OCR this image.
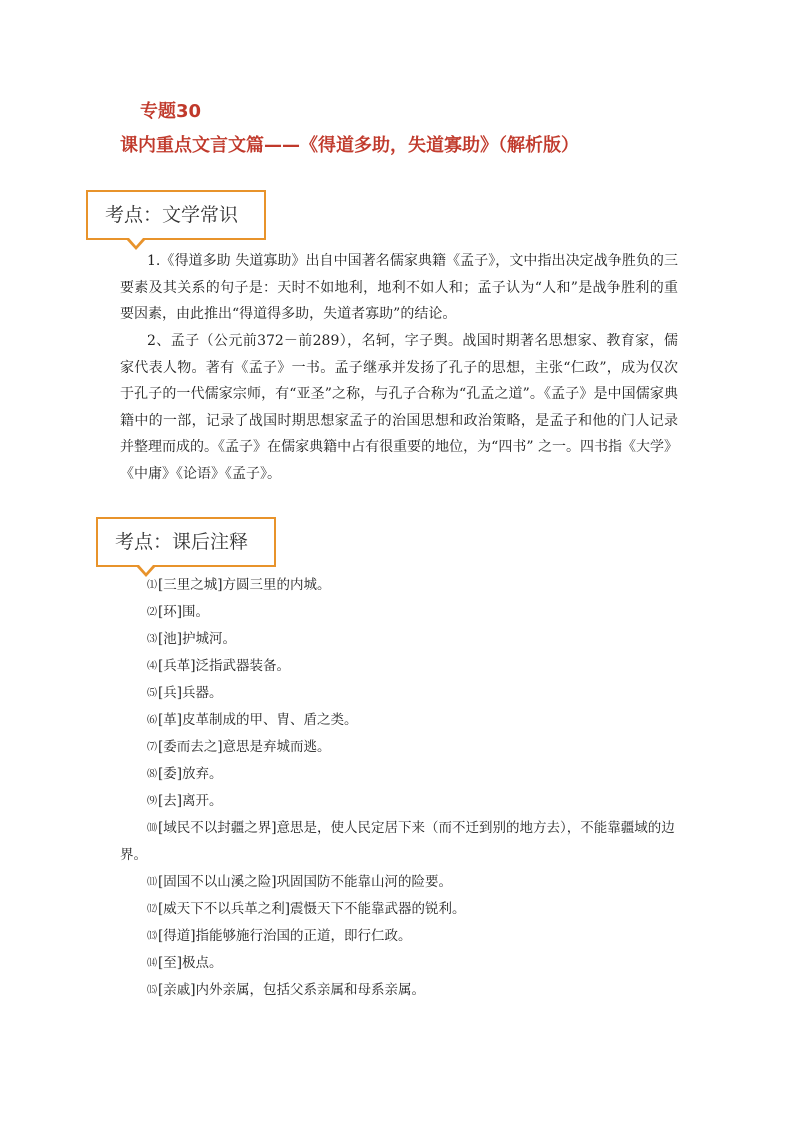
专题30课内重点文言文篇——《得道多助，失道寡助》（解析版）
考点：文学常识
1.《得道多助 失道寡助》出自中国著名儒家典籍《孟子》，文中指出决定战争胜负的三要素及其关系的句子是：天时不如地利，地利不如人和；孟子认为“人和”是战争胜利的重要因素，由此推出“得道得多助，失道者寡助”的结论。
2、孟子（公元前372－前289），名轲，字子舆。战国时期著名思想家、教育家，儒家代表人物。著有《孟子》一书。孟子继承并发扬了孔子的思想，主张“仁政”，成为仅次于孔子的一代儒家宗师，有“亚圣”之称，与孔子合称为“孔孟之道”。《孟子》是中国儒家典籍中的一部，记录了战国时期思想家孟子的治国思想和政治策略，是孟子和他的门人记录并整理而成的。《孟子》在儒家典籍中占有很重要的地位，为“四书” 之一。四书指《大学》《中庸》《论语》《孟子》。
考点：课后注释
⑴[三里之城]方圆三里的内城。
⑵[环]围。
⑶[池]护城河。
⑷[兵革]泛指武器装备。
⑸[兵]兵器。
⑹[革]皮革制成的甲、胄、盾之类。
⑺[委而去之]意思是弃城而逃。
⑻[委]放弃。
⑼[去]离开。
⑽[域民不以封疆之界]意思是，使人民定居下来（而不迁到别的地方去），不能靠疆域的边界。
⑾[固国不以山溪之险]巩固国防不能靠山河的险要。
⑿[威天下不以兵革之利]震慑天下不能靠武器的锐利。
⒀[得道]指能够施行治国的正道，即行仁政。
⒁[至]极点。
⒂[亲戚]内外亲属，包括父系亲属和母系亲属。
